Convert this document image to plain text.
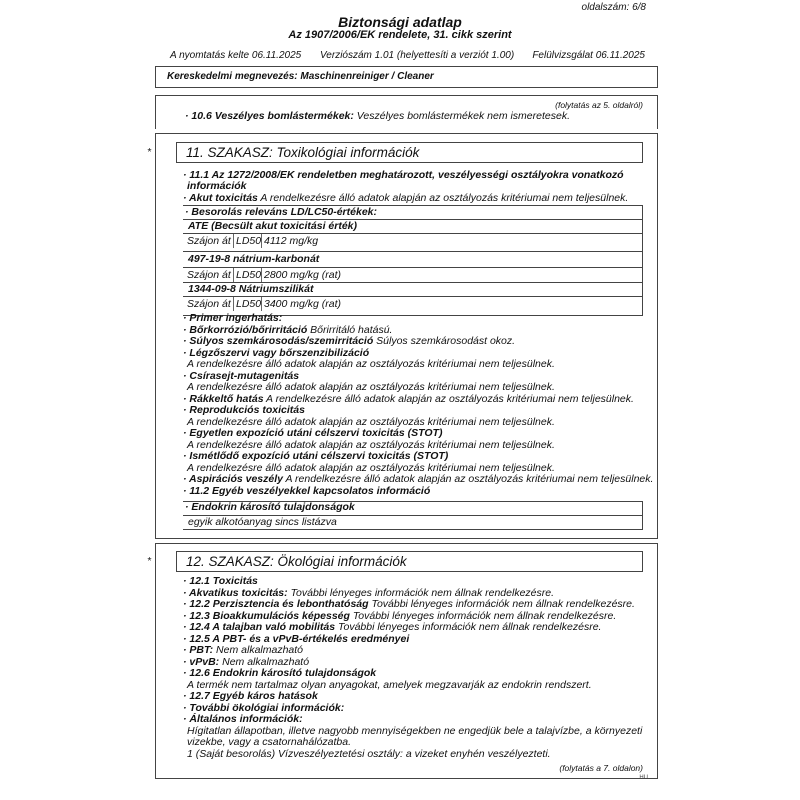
oldalszám: 6/8
Biztonsági adatlap
Az 1907/2006/EK rendelete, 31. cikk szerint
A nyomtatás kelte 06.11.2025 Verziószám 1.01 (helyettesíti a verziót 1.00) Felülvizsgálat 06.11.2025
Kereskedelmi megnevezés: Maschinenreiniger / Cleaner
(folytatás az 5. oldalról)
· 10.6 Veszélyes bomlástermékek: Veszélyes bomlástermékek nem ismeretesek.
*	11. SZAKASZ: Toxikológiai információk
· 11.1 Az 1272/2008/EK rendeletben meghatározott, veszélyességi osztályokra vonatkozó
információk
· Akut toxicitás A rendelkezésre álló adatok alapján az osztályozás kritériumai nem teljesülnek.
· Besorolás releváns LD/LC50-értékek:
ATE (Becsült akut toxicitási érték)
Szájon át LD50 4112 mg/kg
497-19-8 nátrium-karbonát
Szájon át LD50 2800 mg/kg (rat)
1344-09-8 Nátriumszilikát
Szájon át LD50 3400 mg/kg (rat)
· Primer ingerhatás:
· Bőrkorrózió/bőrirritáció Bőrirritáló hatású.
· Súlyos szemkárosodás/szemirritáció Súlyos szemkárosodást okoz.
· Légzőszervi vagy bőrszenzibilizáció
A rendelkezésre álló adatok alapján az osztályozás kritériumai nem teljesülnek.
· Csírasejt-mutagenitás
A rendelkezésre álló adatok alapján az osztályozás kritériumai nem teljesülnek.
· Rákkeltő hatás A rendelkezésre álló adatok alapján az osztályozás kritériumai nem teljesülnek.
· Reprodukciós toxicitás
A rendelkezésre álló adatok alapján az osztályozás kritériumai nem teljesülnek.
· Egyetlen expozíció utáni célszervi toxicitás (STOT)
A rendelkezésre álló adatok alapján az osztályozás kritériumai nem teljesülnek.
· Ismétlődő expozíció utáni célszervi toxicitás (STOT)
A rendelkezésre álló adatok alapján az osztályozás kritériumai nem teljesülnek.
· Aspirációs veszély A rendelkezésre álló adatok alapján az osztályozás kritériumai nem teljesülnek.
· 11.2 Egyéb veszélyekkel kapcsolatos információ
· Endokrin károsító tulajdonságok
egyik alkotóanyag sincs listázva
*	12. SZAKASZ: Ökológiai információk
· 12.1 Toxicitás
· Akvatikus toxicitás: További lényeges információk nem állnak rendelkezésre.
· 12.2 Perzisztencia és lebonthatóság További lényeges információk nem állnak rendelkezésre.
· 12.3 Bioakkumulációs képesség További lényeges információk nem állnak rendelkezésre.
· 12.4 A talajban való mobilitás További lényeges információk nem állnak rendelkezésre.
· 12.5 A PBT- és a vPvB-értékelés eredményei
· PBT: Nem alkalmazható
· vPvB: Nem alkalmazható
· 12.6 Endokrin károsító tulajdonságok
A termék nem tartalmaz olyan anyagokat, amelyek megzavarják az endokrin rendszert.
· 12.7 Egyéb káros hatások
· További ökológiai információk:
· Általános információk:
Hígitatlan állapotban, illetve nagyobb mennyiségekben ne engedjük bele a talajvízbe, a környezeti
vizekbe, vagy a csatornahálózatba.
1 (Saját besorolás) Vízveszélyeztetési osztály: a vizeket enyhén veszélyezteti.
(folytatás a 7. oldalon)
HU
